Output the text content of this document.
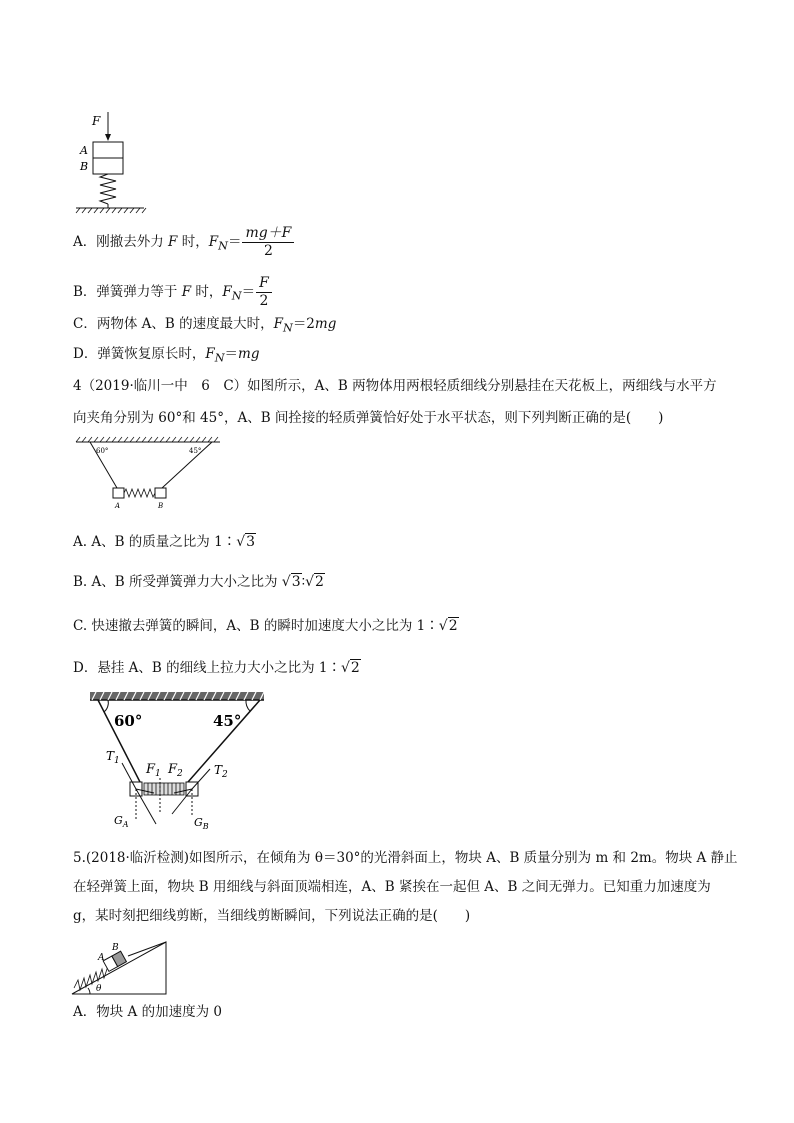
F
A
B
A．刚撤去外力 F 时，$F_N= \frac{mg+F}{2}$
B．弹簧弹力等于 F 时，$F_N= \frac{F}{2}$
C．两物体 A、B 的速度最大时，$F_N=2mg$
D．弹簧恢复原长时，$F_N=mg$
4（2019·临川一中　6　C）如图所示，A、B 两物体用两根轻质细线分别悬挂在天花板上，两细线与水平方
向夹角分别为 60°和 45°，A、B 间拴接的轻质弹簧恰好处于水平状态，则下列判断正确的是(　　)
60°	45°
A	B
A. A、B 的质量之比为 1∶√3
B. A、B 所受弹簧弹力大小之比为 √3∶√2
C. 快速撤去弹簧的瞬间，A、B 的瞬时加速度大小之比为 1∶√2
D．悬挂 A、B 的细线上拉力大小之比为 1∶√2
60°	45°
$T_1$
$T_2$
$F_1$ $F_2$
$G_A$	$G_B$
5.(2018·临沂检测)如图所示，在倾角为 θ＝30°的光滑斜面上，物块 A、B 质量分别为 m 和 2m。物块 A 静止
在轻弹簧上面，物块 B 用细线与斜面顶端相连，A、B 紧挨在一起但 A、B 之间无弹力。已知重力加速度为
g，某时刻把细线剪断，当细线剪断瞬间，下列说法正确的是(　　)
A
B
θ
A．物块 A 的加速度为 0
